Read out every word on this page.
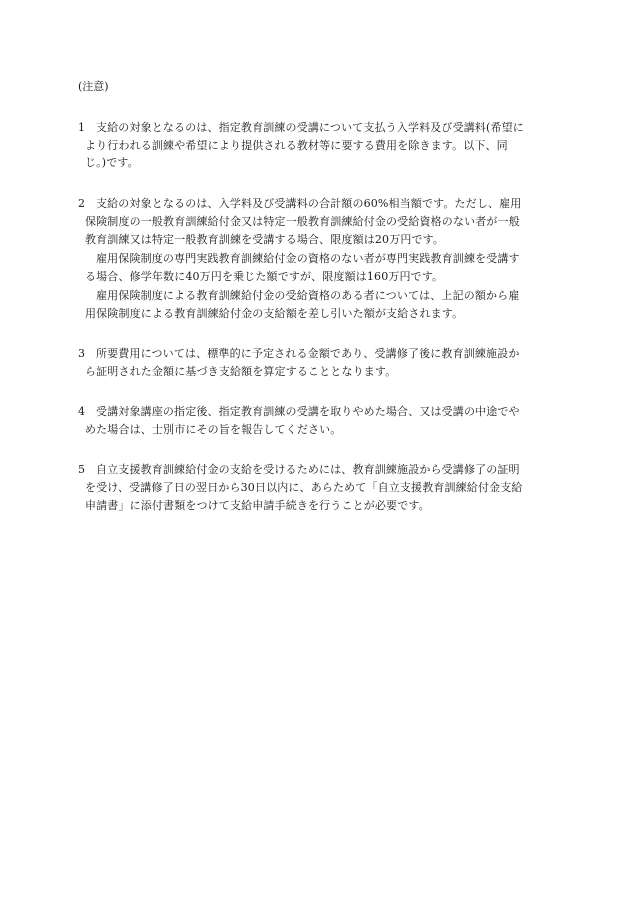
(注意)
1 支給の対象となるのは、指定教育訓練の受講について支払う入学料及び受講料(希望に
より行われる訓練や希望により提供される教材等に要する費用を除きます。以下、同
じ。)です。
2 支給の対象となるのは、入学料及び受講料の合計額の60%相当額です。ただし、雇用
保険制度の一般教育訓練給付金又は特定一般教育訓練給付金の受給資格のない者が一般
教育訓練又は特定一般教育訓練を受講する場合、限度額は20万円です。
雇用保険制度の専門実践教育訓練給付金の資格のない者が専門実践教育訓練を受講す
る場合、修学年数に40万円を乗じた額ですが、限度額は160万円です。
雇用保険制度による教育訓練給付金の受給資格のある者については、上記の額から雇
用保険制度による教育訓練給付金の支給額を差し引いた額が支給されます。
3 所要費用については、標準的に予定される金額であり、受講修了後に教育訓練施設か
ら証明された金額に基づき支給額を算定することとなります。
4 受講対象講座の指定後、指定教育訓練の受講を取りやめた場合、又は受講の中途でや
めた場合は、士別市にその旨を報告してください。
5 自立支援教育訓練給付金の支給を受けるためには、教育訓練施設から受講修了の証明
を受け、受講修了日の翌日から30日以内に、あらためて「自立支援教育訓練給付金支給
申請書」に添付書類をつけて支給申請手続きを行うことが必要です。
